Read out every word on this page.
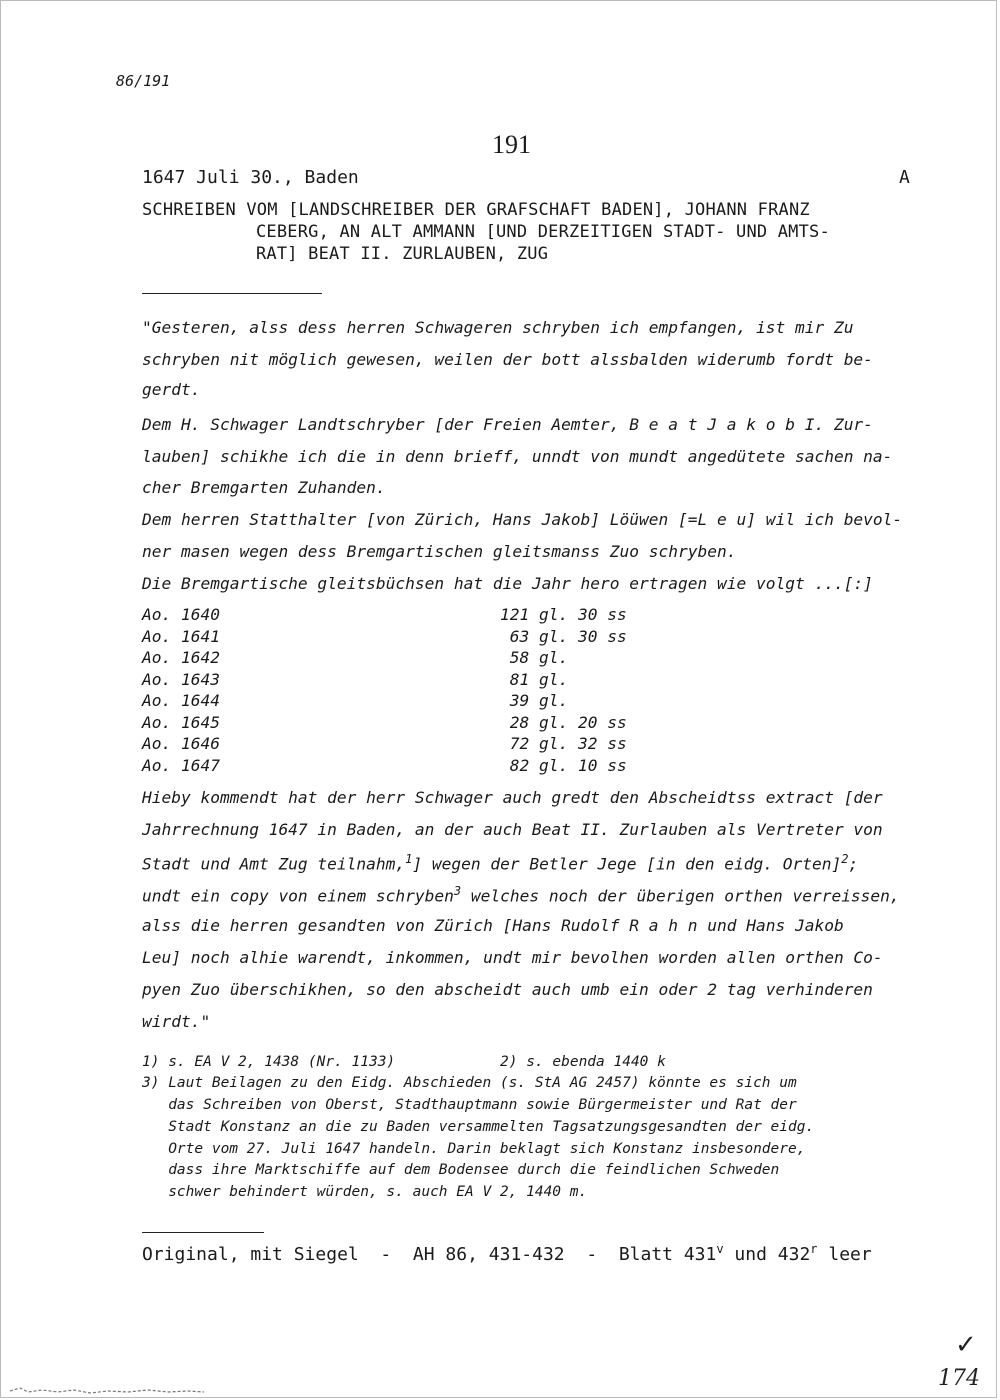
86/191
191
1647 Juli 30., Baden	A
SCHREIBEN VOM [LANDSCHREIBER DER GRAFSCHAFT BADEN], JOHANN FRANZ
CEBERG, AN ALT AMMANN [UND DERZEITIGEN STADT- UND AMTS-
RAT] BEAT II. ZURLAUBEN, ZUG
"Gesteren, alss dess herren Schwageren schryben ich empfangen, ist mir Zu
schryben nit möglich gewesen, weilen der bott alssbalden widerumb fordt be-
gerdt.
Dem H. Schwager Landtschryber [der Freien Aemter, B e a t J a k o b I. Zur-
lauben] schikhe ich die in denn brieff, unndt von mundt angedütete sachen na-
cher Bremgarten Zuhanden.
Dem herren Statthalter [von Zürich, Hans Jakob] Löüwen [=L e u] wil ich bevol-
ner masen wegen dess Bremgartischen gleitsmanss Zuo schryben.
Die Bremgartische gleitsbüchsen hat die Jahr hero ertragen wie volgt ...[:]
Ao. 1640	121 gl. 30 ss
Ao. 1641	63 gl. 30 ss
Ao. 1642	58 gl.
Ao. 1643	81 gl.
Ao. 1644	39 gl.
Ao. 1645	28 gl. 20 ss
Ao. 1646	72 gl. 32 ss
Ao. 1647	82 gl. 10 ss
Hieby kommendt hat der herr Schwager auch gredt den Abscheidtss extract [der
Jahrrechnung 1647 in Baden, an der auch Beat II. Zurlauben als Vertreter von
Stadt und Amt Zug teilnahm,$^1$] wegen der Betler Jege [in den eidg. Orten]$^2$;
undt ein copy von einem schryben$^3$ welches noch der überigen orthen verreissen,
alss die herren gesandten von Zürich [Hans Rudolf R a h n und Hans Jakob
Leu] noch alhie warendt, inkommen, undt mir bevolhen worden allen orthen Co-
pyen Zuo überschikhen, so den abscheidt auch umb ein oder 2 tag verhinderen
wirdt."
1) s. EA V 2, 1438 (Nr. 1133)	2) s. ebenda 1440 k
3) Laut Beilagen zu den Eidg. Abschieden (s. StA AG 2457) könnte es sich um
das Schreiben von Oberst, Stadthauptmann sowie Bürgermeister und Rat der
Stadt Konstanz an die zu Baden versammelten Tagsatzungsgesandten der eidg.
Orte vom 27. Juli 1647 handeln. Darin beklagt sich Konstanz insbesondere,
dass ihre Marktschiffe auf dem Bodensee durch die feindlichen Schweden
schwer behindert würden, s. auch EA V 2, 1440 m.
Original, mit Siegel  -  AH 86, 431-432  -  Blatt 431$^v$ und 432$^r$ leer
✓
174
